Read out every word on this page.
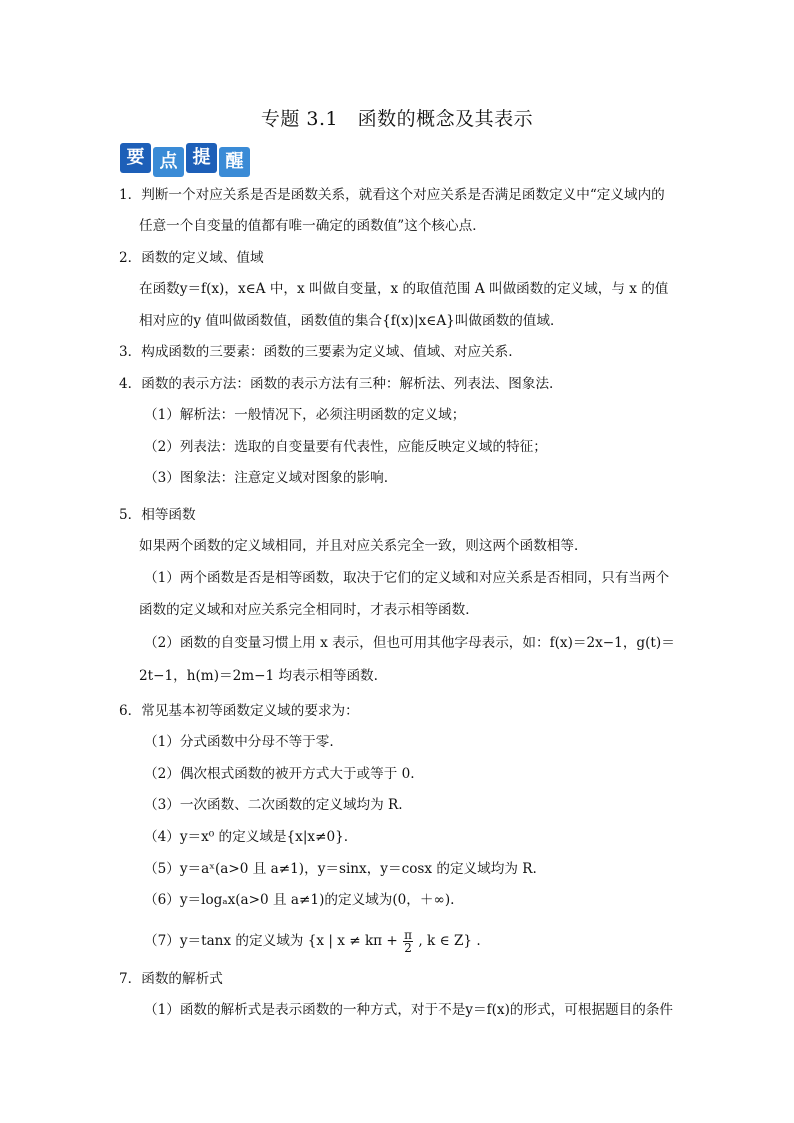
专题 3.1　函数的概念及其表示
要 点 提 醒
1．判断一个对应关系是否是函数关系，就看这个对应关系是否满足函数定义中“定义域内的
任意一个自变量的值都有唯一确定的函数值”这个核心点．
2．函数的定义域、值域
在函数y＝f(x)，x∈A 中，x 叫做自变量，x 的取值范围 A 叫做函数的定义域，与 x 的值
相对应的y 值叫做函数值，函数值的集合{f(x)|x∈A}叫做函数的值域．
3．构成函数的三要素：函数的三要素为定义域、值域、对应关系.
4．函数的表示方法：函数的表示方法有三种：解析法、列表法、图象法.
（1）解析法：一般情况下，必须注明函数的定义域；
（2）列表法：选取的自变量要有代表性，应能反映定义域的特征；
（3）图象法：注意定义域对图象的影响.
5．相等函数
如果两个函数的定义域相同，并且对应关系完全一致，则这两个函数相等．
（1）两个函数是否是相等函数，取决于它们的定义域和对应关系是否相同，只有当两个
函数的定义域和对应关系完全相同时，才表示相等函数．
（2）函数的自变量习惯上用 x 表示，但也可用其他字母表示，如：f(x)＝2x−1，g(t)＝
2t−1，h(m)＝2m−1 均表示相等函数.
6．常见基本初等函数定义域的要求为：
（1）分式函数中分母不等于零.
（2）偶次根式函数的被开方式大于或等于 0.
（3）一次函数、二次函数的定义域均为 R.
（4）y＝x⁰ 的定义域是{x|x≠0}.
（5）y＝aˣ(a>0 且 a≠1)，y＝sinx，y＝cosx 的定义域均为 R.
（6）y＝logₐx(a>0 且 a≠1)的定义域为(0，＋∞).
（7）y＝tanx 的定义域为 {x | $x \ne k\pi + \frac{\pi}{2}$ , k ∈ Z} .
7．函数的解析式
（1）函数的解析式是表示函数的一种方式，对于不是y＝f(x)的形式，可根据题目的条件
